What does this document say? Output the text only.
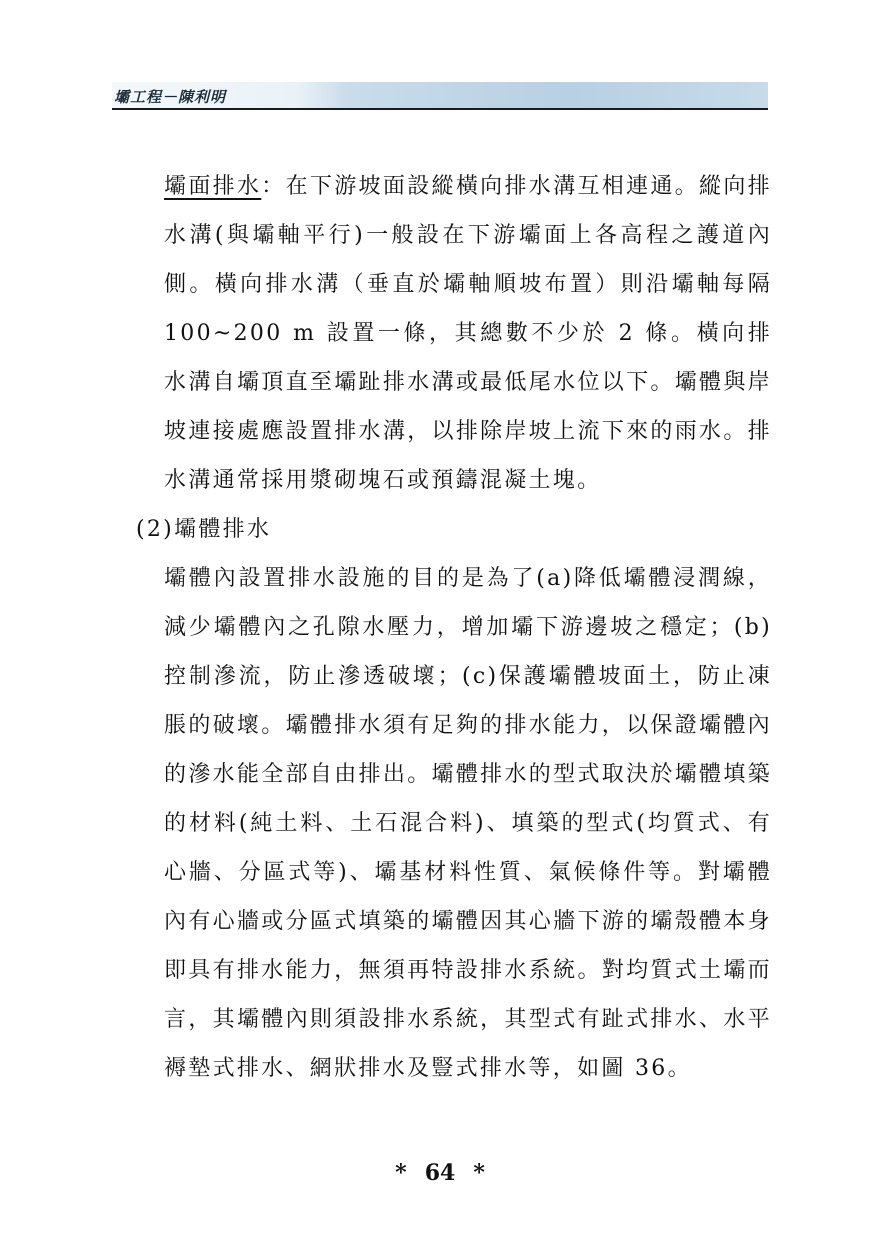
壩工程－陳利明
壩面排水：在下游坡面設縱橫向排水溝互相連通。縱向排水溝(與壩軸平行)一般設在下游壩面上各高程之護道內側。橫向排水溝（垂直於壩軸順坡布置）則沿壩軸每隔100~200 m 設置一條，其總數不少於 2 條。橫向排水溝自壩頂直至壩趾排水溝或最低尾水位以下。壩體與岸坡連接處應設置排水溝，以排除岸坡上流下來的雨水。排水溝通常採用漿砌塊石或預鑄混凝土塊。
(2)壩體排水
壩體內設置排水設施的目的是為了(a)降低壩體浸潤線，減少壩體內之孔隙水壓力，增加壩下游邊坡之穩定；(b)控制滲流，防止滲透破壞；(c)保護壩體坡面土，防止凍脹的破壞。壩體排水須有足夠的排水能力，以保證壩體內的滲水能全部自由排出。壩體排水的型式取決於壩體填築的材料(純土料、土石混合料)、填築的型式(均質式、有心牆、分區式等)、壩基材料性質、氣候條件等。對壩體內有心牆或分區式填築的壩體因其心牆下游的壩殼體本身即具有排水能力，無須再特設排水系統。對均質式土壩而言，其壩體內則須設排水系統，其型式有趾式排水、水平褥墊式排水、網狀排水及豎式排水等，如圖 36。
* 64 *
